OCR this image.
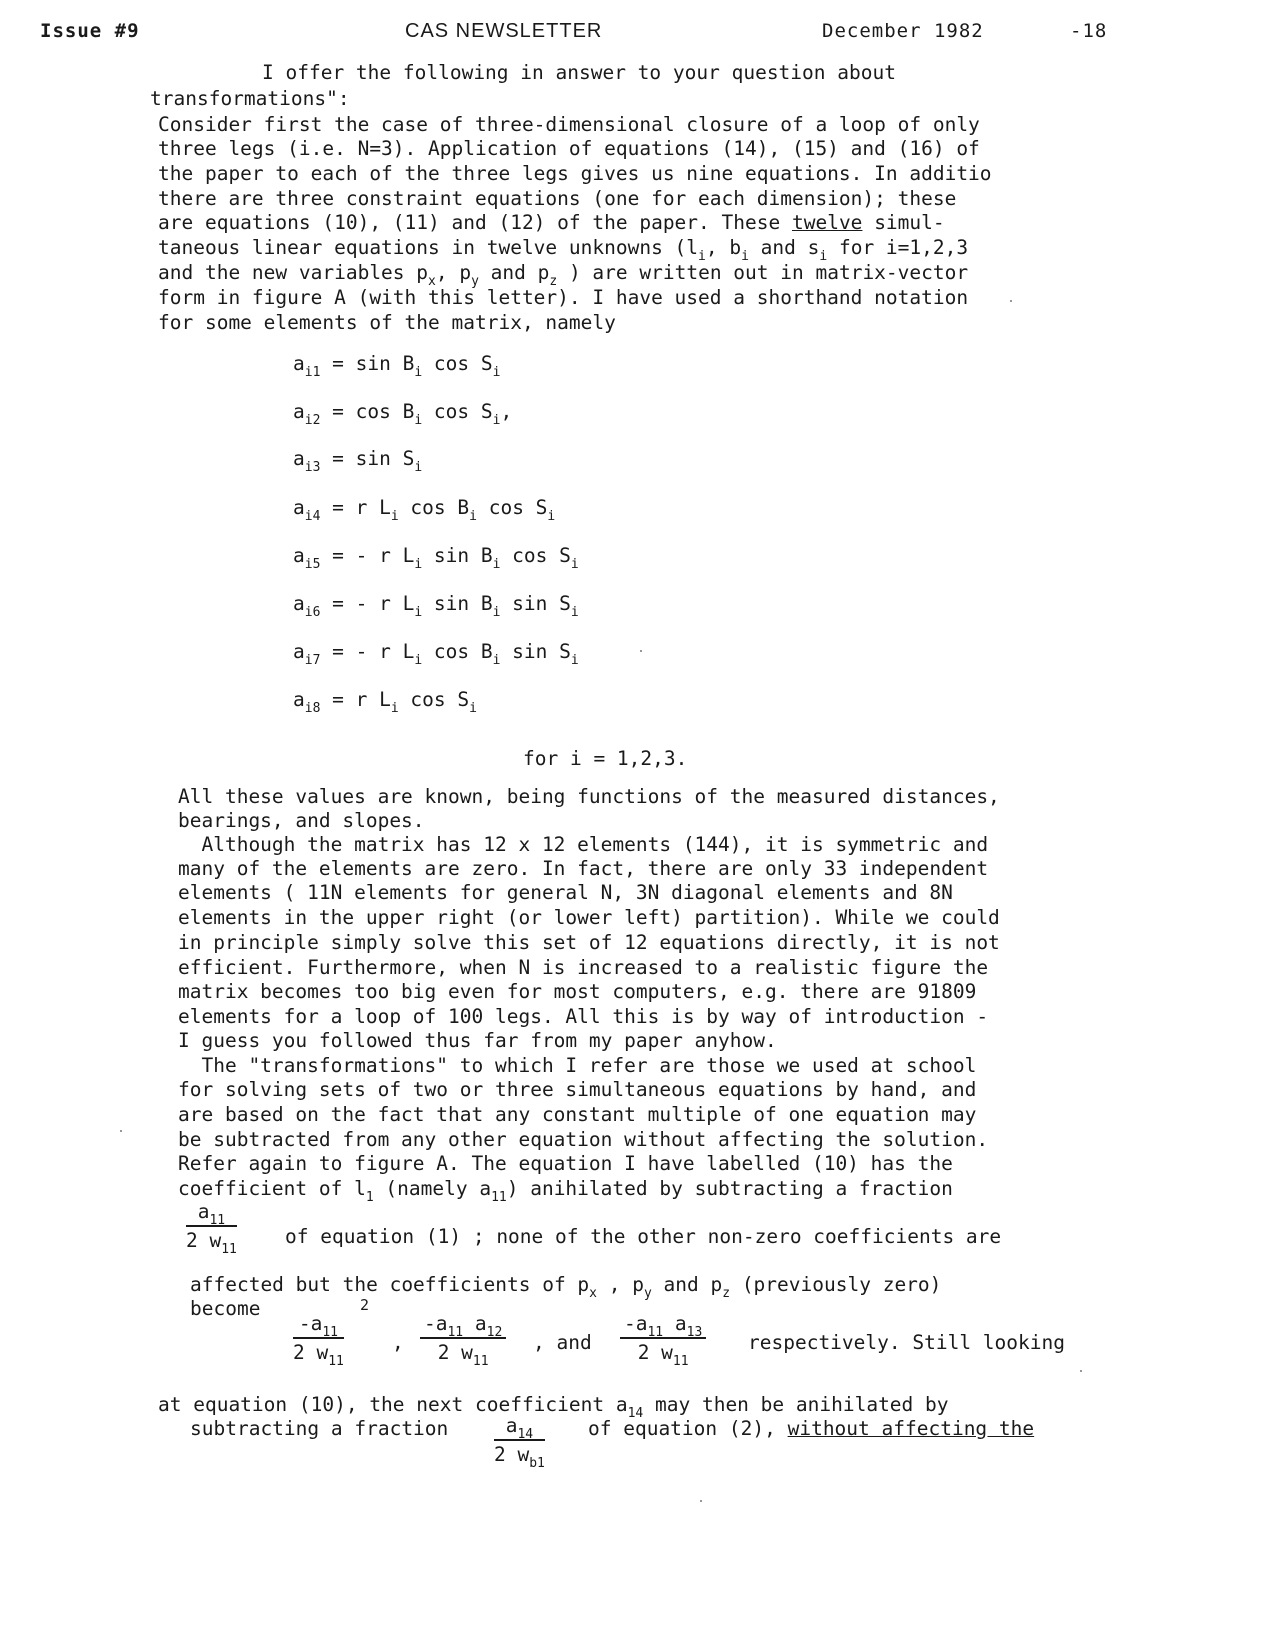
Issue #9	CAS NEWSLETTER	December 1982	-18
I offer the following in answer to your question about
transformations":
Consider first the case of three-dimensional closure of a loop of only
three legs (i.e. N=3). Application of equations (14), (15) and (16) of
the paper to each of the three legs gives us nine equations. In additio
there are three constraint equations (one for each dimension); these
are equations (10), (11) and (12) of the paper. These twelve simul-
taneous linear equations in twelve unknowns ($l_i$, $b_i$ and $s_i$ for i=1,2,3
and the new variables $p_x$, $p_y$ and $p_z$ ) are written out in matrix-vector
form in figure A (with this letter). I have used a shorthand notation
for some elements of the matrix, namely
$a_{i1} = \sin B_i$ $\cos S_i$
$a_{i2} = \cos B_i$ $\cos S_i$,
$a_{i3} = \sin S_i$
$a_{i4} = r$ $L_i$ $\cos B_i$ $\cos S_i$
$a_{i5}$ = - r $L_i$ $\sin B_i$ $\cos S_i$
$a_{i6}$ = - r $L_i$ $\sin B_i$ $\sin S_i$
$a_{i7}$ = - r $L_i$ $\cos B_i$ $\sin S_i$
$a_{i8} = r$ $L_i$ $\cos S_i$
for i = 1,2,3.
All these values are known, being functions of the measured distances,
bearings, and slopes.
Although the matrix has 12 x 12 elements (144), it is symmetric and
many of the elements are zero. In fact, there are only 33 independent
elements ( 11N elements for general N, 3N diagonal elements and 8N
elements in the upper right (or lower left) partition). While we could
in principle simply solve this set of 12 equations directly, it is not
efficient. Furthermore, when N is increased to a realistic figure the
matrix becomes too big even for most computers, e.g. there are 91809
elements for a loop of 100 legs. All this is by way of introduction -
I guess you followed thus far from my paper anyhow.
The "transformations" to which I refer are those we used at school
for solving sets of two or three simultaneous equations by hand, and
are based on the fact that any constant multiple of one equation may
be subtracted from any other equation without affecting the solution.
Refer again to figure A. The equation I have labelled (10) has the
coefficient of $l_1$ (namely $a_{11}$) anihilated by subtracting a fraction
$\frac{a_{11}}{2 w_{11}}$ of equation (1) ; none of the other non-zero coefficients are
affected but the coefficients of $p_x$ , $p_y$ and $p_z$ (previously zero)
become	2
$\frac{-a_{11}}{2 w_{11}}$ , $\frac{-a_{11} a_{12}}{2 w_{11}}$ , and $\frac{-a_{11} a_{13}}{2 w_{11}}$ respectively. Still looking
at equation (10), the next coefficient $a_{14}$ may then be anihilated by
subtracting a fraction $\frac{a_{14}}{2 w_{b1}}$ of equation (2), without affecting the
